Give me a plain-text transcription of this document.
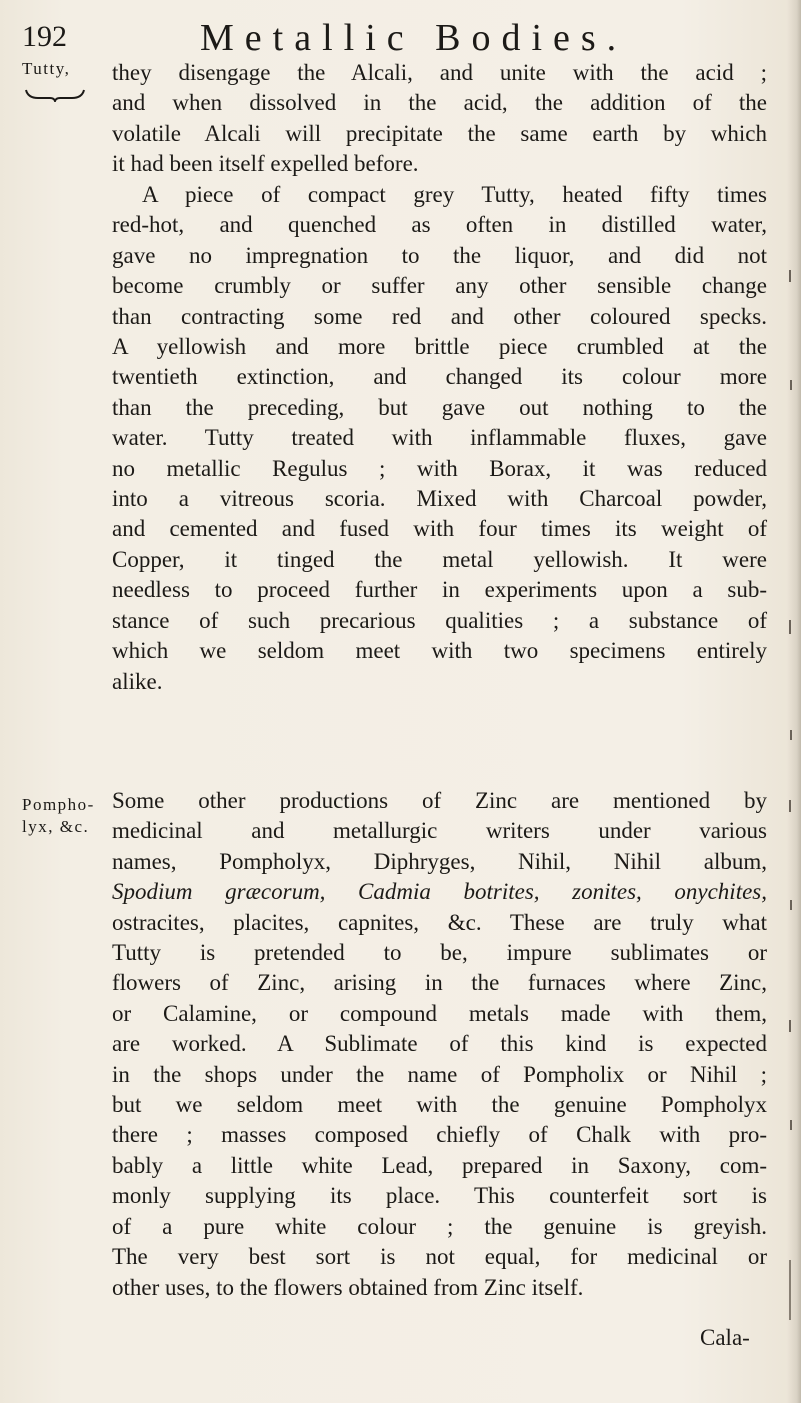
192	Metallic Bodies.
Tutty, they disengage the Alcali, and unite with the acid ;
and when dissolved in the acid, the addition of the
volatile Alcali will precipitate the same earth by which
it had been itself expelled before.
A piece of compact grey Tutty, heated fifty times
red-hot, and quenched as often in distilled water,
gave no impregnation to the liquor, and did not
become crumbly or suffer any other sensible change
than contracting some red and other coloured specks.
A yellowish and more brittle piece crumbled at the
twentieth extinction, and changed its colour more
than the preceding, but gave out nothing to the
water. Tutty treated with inflammable fluxes, gave
no metallic Regulus ; with Borax, it was reduced
into a vitreous scoria. Mixed with Charcoal powder,
and cemented and fused with four times its weight of
Copper, it tinged the metal yellowish. It were
needless to proceed further in experiments upon a sub-
stance of such precarious qualities ; a substance of
which we seldom meet with two specimens entirely
alike.
Pompho-
lyx, &c.
Some other productions of Zinc are mentioned by
medicinal and metallurgic writers under various
names, Pompholyx, Diphryges, Nihil, Nihil album,
Spodium græcorum, Cadmia botrites, zonites, onychites,
ostracites, placites, capnites, &c. These are truly what
Tutty is pretended to be, impure sublimates or
flowers of Zinc, arising in the furnaces where Zinc,
or Calamine, or compound metals made with them,
are worked. A Sublimate of this kind is expected
in the shops under the name of Pompholix or Nihil ;
but we seldom meet with the genuine Pompholyx
there ; masses composed chiefly of Chalk with pro-
bably a little white Lead, prepared in Saxony, com-
monly supplying its place. This counterfeit sort is
of a pure white colour ; the genuine is greyish.
The very best sort is not equal, for medicinal or
other uses, to the flowers obtained from Zinc itself.
Cala-
